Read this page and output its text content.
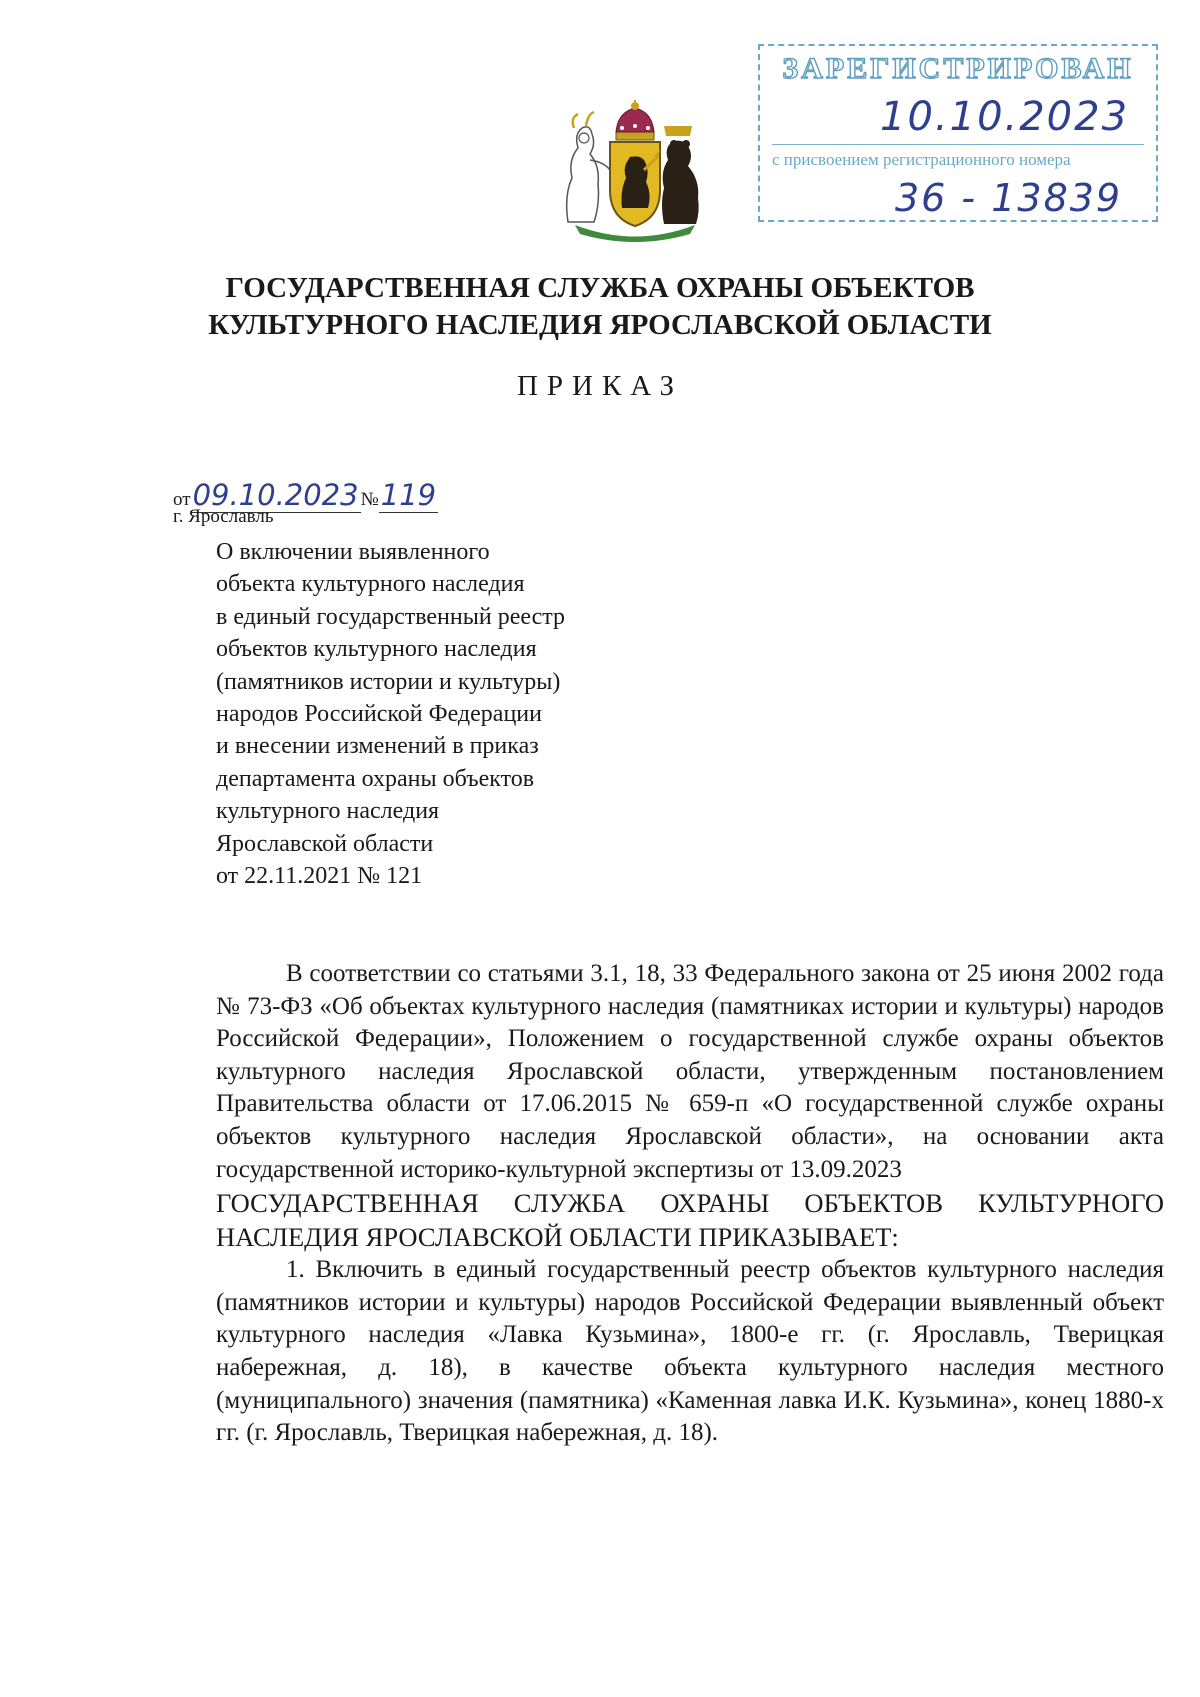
ЗАРЕГИСТРИРОВАН
10.10.2023
с присвоением регистрационного номера
36 - 13839
ГОСУДАРСТВЕННАЯ СЛУЖБА ОХРАНЫ ОБЪЕКТОВ
КУЛЬТУРНОГО НАСЛЕДИЯ ЯРОСЛАВСКОЙ ОБЛАСТИ
ПРИКАЗ
от09.10.2023 №119
г. Ярославль
О включении выявленного
объекта культурного наследия
в единый государственный реестр
объектов культурного наследия
(памятников истории и культуры)
народов Российской Федерации
и внесении изменений в приказ
департамента охраны объектов
культурного наследия
Ярославской области
от 22.11.2021 № 121

В соответствии со статьями 3.1, 18, 33 Федерального закона от 25 июня 2002 года № 73-ФЗ «Об объектах культурного наследия (памятниках истории и культуры) народов Российской Федерации», Положением о государственной службе охраны объектов культурного наследия Ярославской области, утвержденным постановлением Правительства области от 17.06.2015 № 659-п «О государственной службе охраны объектов культурного наследия Ярославской области», на основании акта государственной историко-культурной экспертизы от 13.09.2023

ГОСУДАРСТВЕННАЯ СЛУЖБА ОХРАНЫ ОБЪЕКТОВ КУЛЬТУРНОГО
НАСЛЕДИЯ ЯРОСЛАВСКОЙ ОБЛАСТИ ПРИКАЗЫВАЕТ:

1. Включить в единый государственный реестр объектов культурного наследия (памятников истории и культуры) народов Российской Федерации выявленный объект культурного наследия «Лавка Кузьмина», 1800-е гг. (г. Ярославль, Тверицкая набережная, д. 18), в качестве объекта культурного наследия местного (муниципального) значения (памятника) «Каменная лавка И.К. Кузьмина», конец 1880-х гг. (г. Ярославль, Тверицкая набережная, д. 18).
